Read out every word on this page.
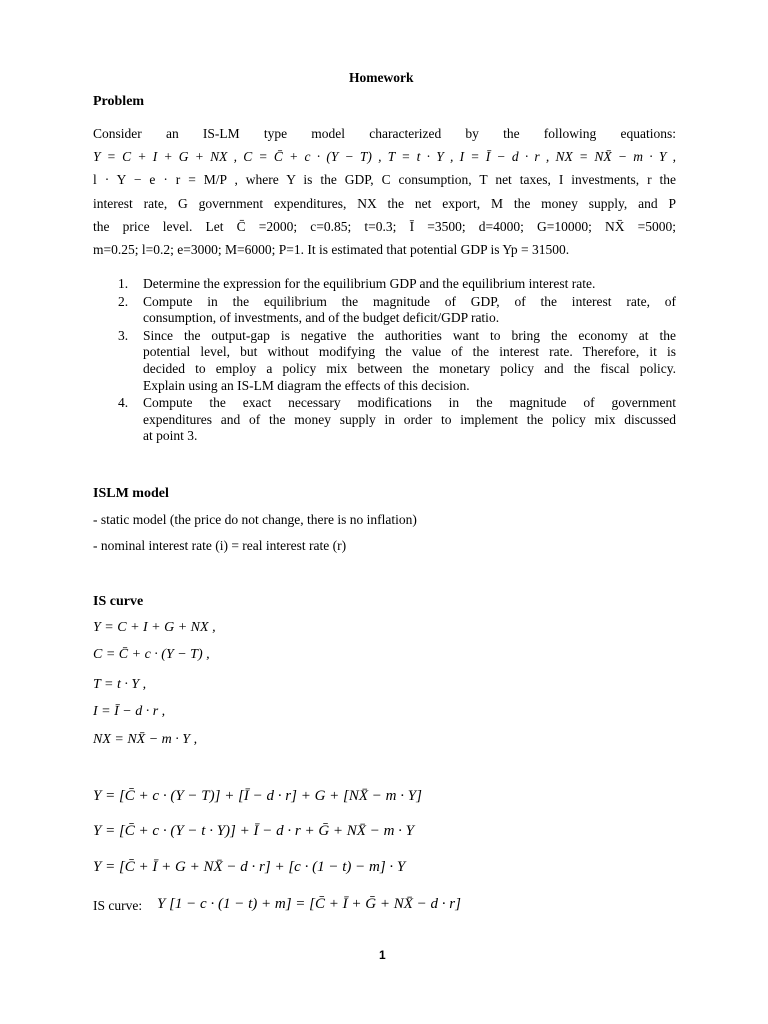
Homework
Problem
Consider an IS-LM type model characterized by the following equations:
Y = C + I + G + NX , C = C̄ + c · (Y − T) , T = t · Y , I = Ī − d · r , NX = NX̄ − m · Y ,
l · Y − e · r = M/P , where Y is the GDP, C consumption, T net taxes, I investments, r the
interest rate, G government expenditures, NX the net export, M the money supply, and P
the price level. Let C̄ =2000; c=0.85; t=0.3; Ī =3500; d=4000; G=10000; NX̄ =5000;
m=0.25; l=0.2; e=3000; M=6000; P=1. It is estimated that potential GDP is Yp = 31500.
1. Determine the expression for the equilibrium GDP and the equilibrium interest rate.
2. Compute in the equilibrium the magnitude of GDP, of the interest rate, of
consumption, of investments, and of the budget deficit/GDP ratio.
3. Since the output-gap is negative the authorities want to bring the economy at the
potential level, but without modifying the value of the interest rate. Therefore, it is
decided to employ a policy mix between the monetary policy and the fiscal policy.
Explain using an IS-LM diagram the effects of this decision.
4. Compute the exact necessary modifications in the magnitude of government
expenditures and of the money supply in order to implement the policy mix discussed
at point 3.
ISLM model
- static model (the price do not change, there is no inflation)
- nominal interest rate (i) = real interest rate (r)
IS curve
Y = C + I + G + NX ,
C = C̄ + c · (Y − T) ,
T = t · Y ,
I = Ī − d · r ,
NX = NX̄ − m · Y ,
Y = [C̄ + c · (Y − T)] + [Ī − d · r] + G + [NX̄ − m · Y]
Y = [C̄ + c · (Y − t · Y)] + Ī − d · r + Ḡ + NX̄ − m · Y
Y = [C̄ + Ī + G + NX̄ − d · r] + [c · (1 − t) − m] · Y
IS curve: Y [1 − c · (1 − t) + m] = [C̄ + Ī + Ḡ + NX̄ − d · r]
1
